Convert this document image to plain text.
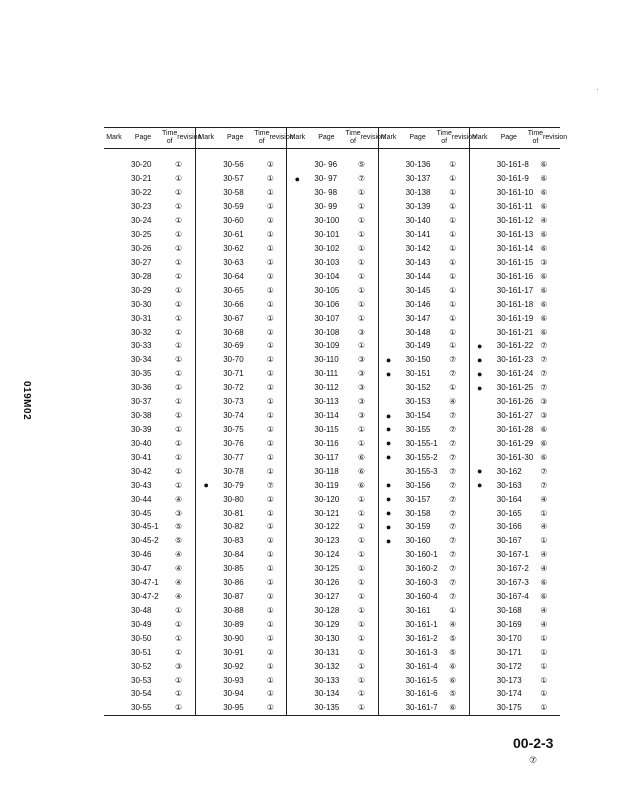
019M02
Mark	Page
Time of

revision
Mark	Page
Time of

revision
Mark	Page
Time of

revision
Mark	Page
Time of

revision
Mark	Page
Time of

revision
30-20	①
30-21	①
30-22	①
30-23	①
30-24	①
30-25	①
30-26	①
30-27	①
30-28	①
30-29	①
30-30	①
30-31	①
30-32	①
30-33	①
30-34	①
30-35	①
30-36	①
30-37	①
30-38	①
30-39	①
30-40	①
30-41	①
30-42	①
30-43	①
30-44	④
30-45	③
30-45-1	⑤
30-45-2	⑤
30-46	④
30-47	④
30-47-1	④
30-47-2	④
30-48	①
30-49	①
30-50	①
30-51	①
30-52	③
30-53	①
30-54	①
30-55	①
30-56	①
30-57	①
30-58	①
30-59	①
30-60	①
30-61	①
30-62	①
30-63	①
30-64	①
30-65	①
30-66	①
30-67	①
30-68	①
30-69	①
30-70	①
30-71	①
30-72	①
30-73	①
30-74	①
30-75	①
30-76	①
30-77	①
30-78	①
●	30-79	⑦
30-80	①
30-81	①
30-82	①
30-83	①
30-84	①
30-85	①
30-86	①
30-87	①
30-88	①
30-89	①
30-90	①
30-91	①
30-92	①
30-93	①
30-94	①
30-95	①
30- 96	⑤
●	30- 97	⑦
30- 98	①
30- 99	①
30-100	①
30-101	①
30-102	①
30-103	①
30-104	①
30-105	①
30-106	①
30-107	①
30-108	③
30-109	①
30-110	③
30-111	③
30-112	③
30-113	③
30-114	③
30-115	①
30-116	①
30-117	⑥
30-118	⑥
30-119	⑥
30-120	①
30-121	①
30-122	①
30-123	①
30-124	①
30-125	①
30-126	①
30-127	①
30-128	①
30-129	①
30-130	①
30-131	①
30-132	①
30-133	①
30-134	①
30-135	①
30-136	①
30-137	①
30-138	①
30-139	①
30-140	①
30-141	①
30-142	①
30-143	①
30-144	①
30-145	①
30-146	①
30-147	①
30-148	①
30-149	①
●	30-150	⑦
●	30-151	⑦
30-152	①
30-153	④
●	30-154	⑦
●	30-155	⑦
●	30-155-1	⑦
●	30-155-2	⑦
30-155-3	⑦
●	30-156	⑦
●	30-157	⑦
●	30-158	⑦
●	30-159	⑦
●	30-160	⑦
30-160-1	⑦
30-160-2	⑦
30-160-3	⑦
30-160-4	⑦
30-161	①
30-161-1	④
30-161-2	⑤
30-161-3	⑤
30-161-4	⑥
30-161-5	⑥
30-161-6	⑤
30-161-7	⑥
30-161-8	⑥
30-161-9	⑥
30-161-10 ⑥
30-161-11 ⑥
30-161-12 ④
30-161-13 ⑥
30-161-14 ⑥
30-161-15 ③
30-161-16 ⑥
30-161-17 ⑥
30-161-18 ⑥
30-161-19 ⑥
30-161-21 ⑥
●	30-161-22 ⑦
●	30-161-23 ⑦
●	30-161-24 ⑦
●	30-161-25 ⑦
30-161-26 ③
30-161-27 ③
30-161-28 ⑥
30-161-29 ⑥
30-161-30 ⑥
●	30-162	⑦
●	30-163	⑦
30-164	④
30-165	①
30-166	④
30-167	①
30-167-1	④
30-167-2	④
30-167-3	⑥
30-167-4	⑥
30-168	④
30-169	④
30-170	①
30-171	①
30-172	①
30-173	①
30-174	①
30-175	①
00-2-3
⑦
